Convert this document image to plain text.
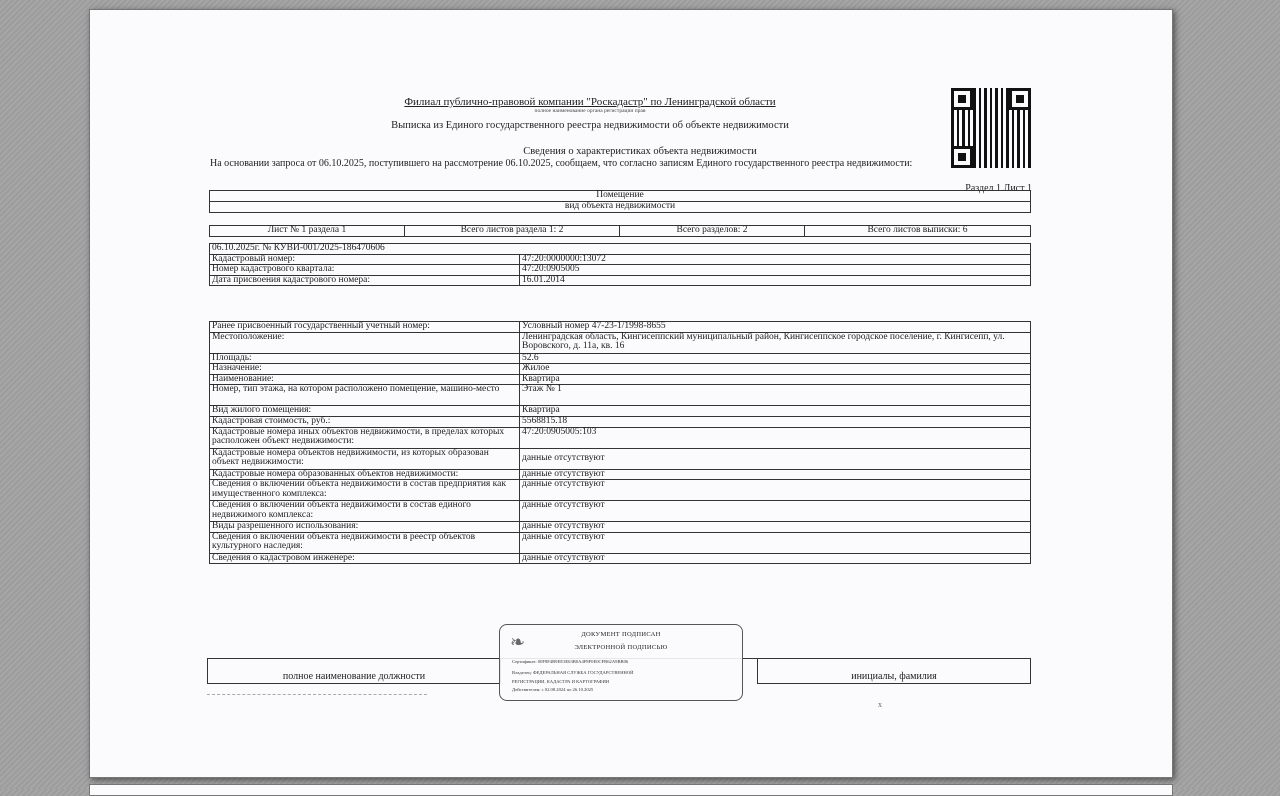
Филиал публично-правовой компании "Роскадастр" по Ленинградской области
полное наименование органа регистрации прав
Выписка из Единого государственного реестра недвижимости об объекте недвижимости
Сведения о характеристиках объекта недвижимости
На основании запроса от 06.10.2025, поступившего на рассмотрение 06.10.2025, сообщаем, что согласно записям Единого государственного реестра недвижимости:
Раздел 1 Лист 1
Помещение
вид объекта недвижимости
Лист № 1 раздела 1	Всего листов раздела 1: 2	Всего разделов: 2	Всего листов выписки: 6
06.10.2025г. № КУВИ-001/2025-186470606	
Кадастровый номер:	47:20:0000000:13072
Номер кадастрового квартала:	47:20:0905005
Дата присвоения кадастрового номера:	16.01.2014
Ранее присвоенный государственный учетный номер:	Условный номер 47-23-1/1998-8655
Местоположение:	Ленинградская область, Кингисеппский муниципальный район, Кингисеппское городское поселение, г. Кингисепп, ул. Воровского, д. 11а, кв. 16
Площадь:	52.6
Назначение:	Жилое
Наименование:	Квартира
Номер, тип этажа, на котором расположено помещение, машино-место	Этаж № 1
Вид жилого помещения:	Квартира
Кадастровая стоимость, руб.:	5568815.18
Кадастровые номера иных объектов недвижимости, в пределах которых расположен объект недвижимости:	47:20:0905005:103
Кадастровые номера объектов недвижимости, из которых образован объект недвижимости:	данные отсутствуют
Кадастровые номера образованных объектов недвижимости:	данные отсутствуют
Сведения о включении объекта недвижимости в состав предприятия как имущественного комплекса:	данные отсутствуют
Сведения о включении объекта недвижимости в состав единого недвижимого комплекса:	данные отсутствуют
Виды разрешенного использования:	данные отсутствуют
Сведения о включении объекта недвижимости в реестр объектов культурного наследия:	данные отсутствуют
Сведения о кадастровом инженере:	данные отсутствуют
полное наименование должности	инициалы, фамилия
❧	ДОКУМЕНТ ПОДПИСАН
ЭЛЕКТРОННОЙ ПОДПИСЬЮ
Сертификат: 00F8F4B9EE3E63B0A4F8F0E0CFB62A9BB06
Владелец: ФЕДЕРАЛЬНАЯ СЛУЖБА ГОСУДАРСТВЕННОЙ
РЕГИСТРАЦИИ, КАДАСТРА И КАРТОГРАФИИ
Действителен: с 02.08.2024 по 26.10.2025
x
